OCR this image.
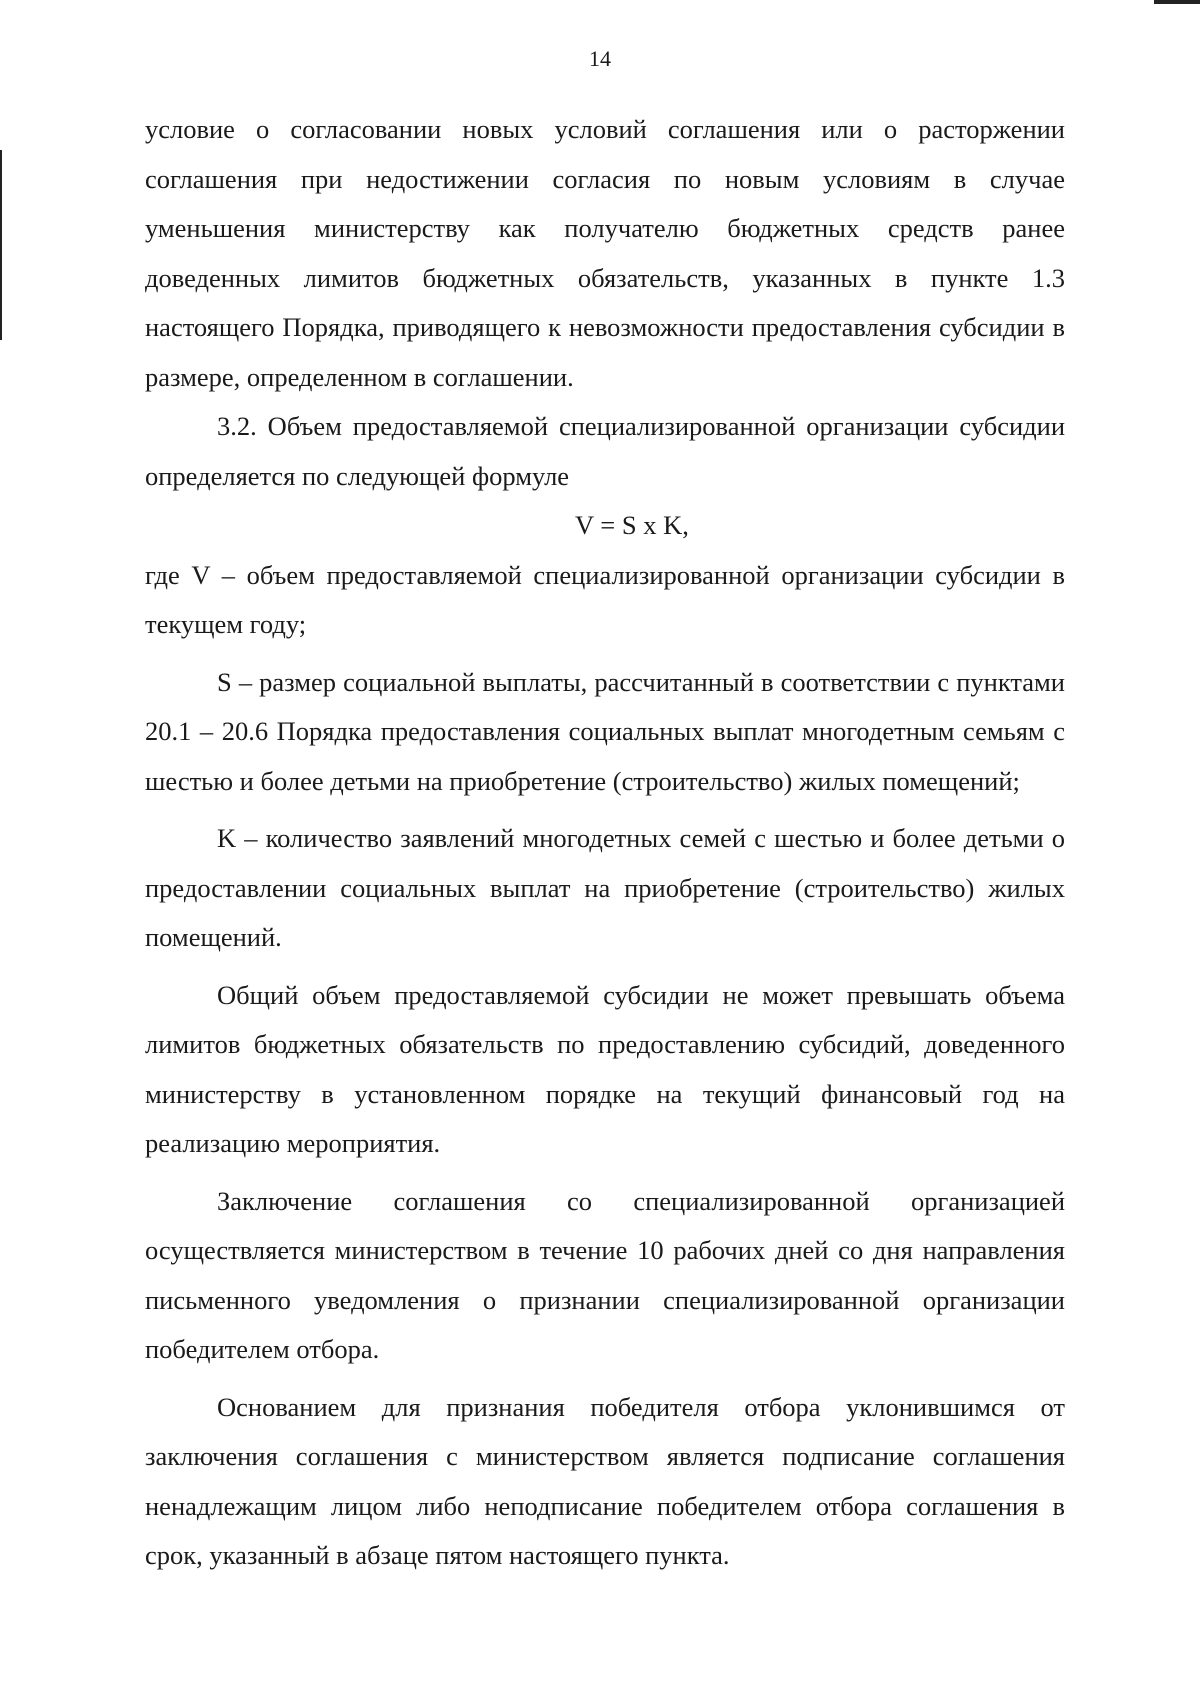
14

условие о согласовании новых условий соглашения или о расторжении соглашения при недостижении согласия по новым условиям в случае уменьшения министерству как получателю бюджетных средств ранее доведенных лимитов бюджетных обязательств, указанных в пункте 1.3 настоящего Порядка, приводящего к невозможности предоставления субсидии в размере, определенном в соглашении.

3.2. Объем предоставляемой специализированной организации субсидии определяется по следующей формуле

V = S x K,

где V – объем предоставляемой специализированной организации субсидии в текущем году;

S – размер социальной выплаты, рассчитанный в соответствии с пунктами 20.1 – 20.6 Порядка предоставления социальных выплат многодетным семьям с шестью и более детьми на приобретение (строительство) жилых помещений;

K – количество заявлений многодетных семей с шестью и более детьми о предоставлении социальных выплат на приобретение (строительство) жилых помещений.

Общий объем предоставляемой субсидии не может превышать объема лимитов бюджетных обязательств по предоставлению субсидий, доведенного министерству в установленном порядке на текущий финансовый год на реализацию мероприятия.

Заключение соглашения со специализированной организацией осуществляется министерством в течение 10 рабочих дней со дня направления письменного уведомления о признании специализированной организации победителем отбора.

Основанием для признания победителя отбора уклонившимся от заключения соглашения с министерством является подписание соглашения ненадлежащим лицом либо неподписание победителем отбора соглашения в срок, указанный в абзаце пятом настоящего пункта.
